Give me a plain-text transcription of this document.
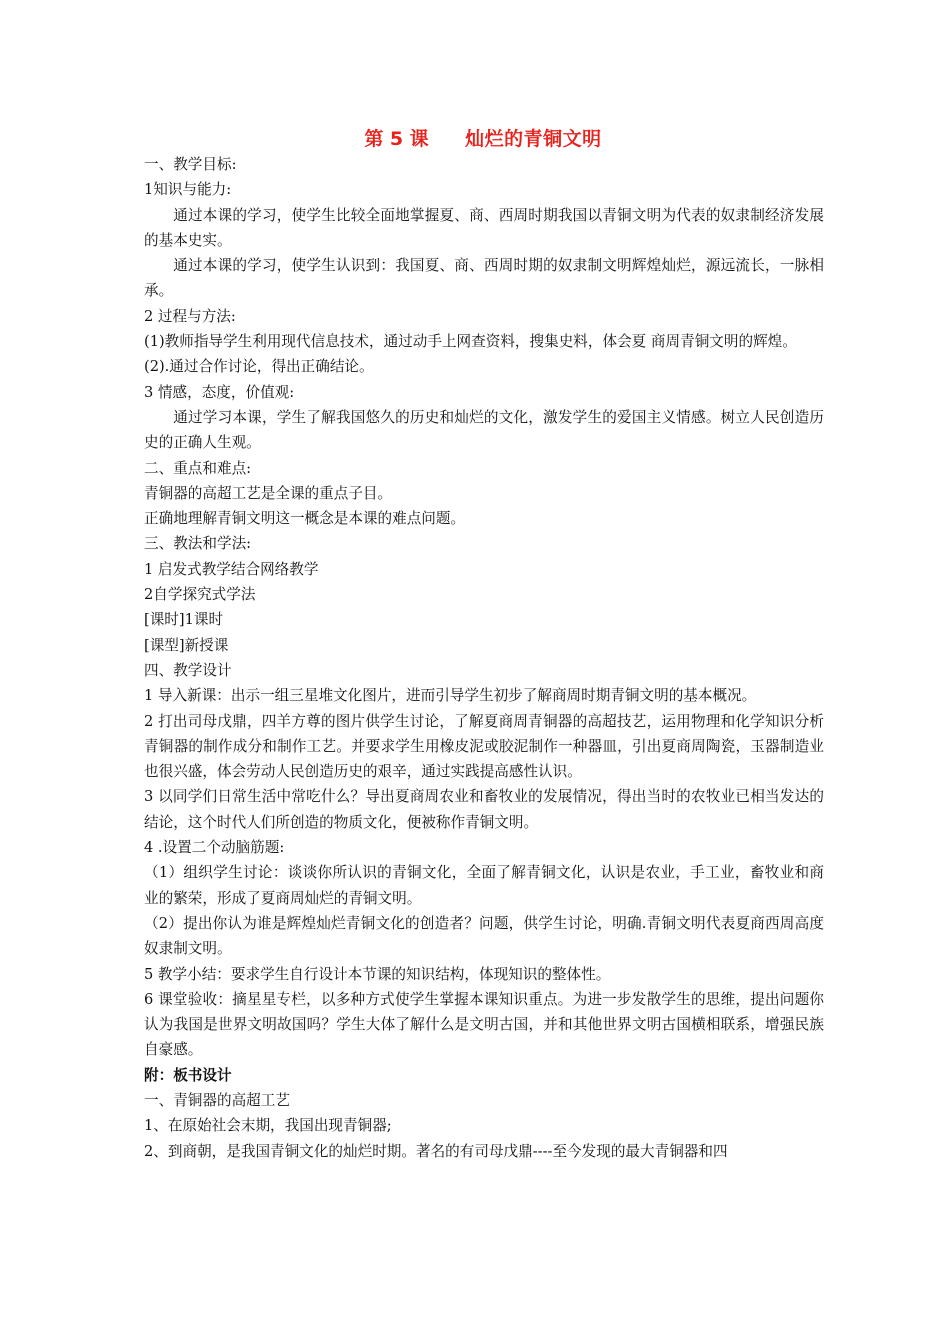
第 5 课 灿烂的青铜文明

一、教学目标:

1知识与能力:

通过本课的学习，使学生比较全面地掌握夏、商、西周时期我国以青铜文明为代表的奴隶制经济发展的基本史实。

通过本课的学习，使学生认识到：我国夏、商、西周时期的奴隶制文明辉煌灿烂，源远流长，一脉相承。

2 过程与方法:

(1)教师指导学生利用现代信息技术，通过动手上网查资料，搜集史料，体会夏 商周青铜文明的辉煌。

(2).通过合作讨论，得出正确结论。

3 情感，态度，价值观:

通过学习本课，学生了解我国悠久的历史和灿烂的文化，激发学生的爱国主义情感。树立人民创造历史的正确人生观。

二、重点和难点:

青铜器的高超工艺是全课的重点子目。

正确地理解青铜文明这一概念是本课的难点问题。

三、教法和学法:

1 启发式教学结合网络教学

2自学探究式学法

[课时]1课时

[课型]新授课

四、教学设计

1 导入新课：出示一组三星堆文化图片，进而引导学生初步了解商周时期青铜文明的基本概况。

2 打出司母戊鼎，四羊方尊的图片供学生讨论，了解夏商周青铜器的高超技艺，运用物理和化学知识分析青铜器的制作成分和制作工艺。并要求学生用橡皮泥或胶泥制作一种器皿，引出夏商周陶瓷，玉器制造业也很兴盛，体会劳动人民创造历史的艰辛，通过实践提高感性认识。

3 以同学们日常生活中常吃什么？导出夏商周农业和畜牧业的发展情况，得出当时的农牧业已相当发达的结论，这个时代人们所创造的物质文化，便被称作青铜文明。

4 .设置二个动脑筋题:

（1）组织学生讨论：谈谈你所认识的青铜文化，全面了解青铜文化，认识是农业，手工业，畜牧业和商业的繁荣，形成了夏商周灿烂的青铜文明。

（2）提出你认为谁是辉煌灿烂青铜文化的创造者？问题，供学生讨论，明确.青铜文明代表夏商西周高度奴隶制文明。

5 教学小结：要求学生自行设计本节课的知识结构，体现知识的整体性。

6 课堂验收：摘星星专栏，以多种方式使学生掌握本课知识重点。为进一步发散学生的思维，提出问题你认为我国是世界文明故国吗？学生大体了解什么是文明古国，并和其他世界文明古国横相联系，增强民族自豪感。

附：板书设计

一、青铜器的高超工艺

1、在原始社会末期，我国出现青铜器;

2、到商朝，是我国青铜文化的灿烂时期。著名的有司母戊鼎----至今发现的最大青铜器和四
